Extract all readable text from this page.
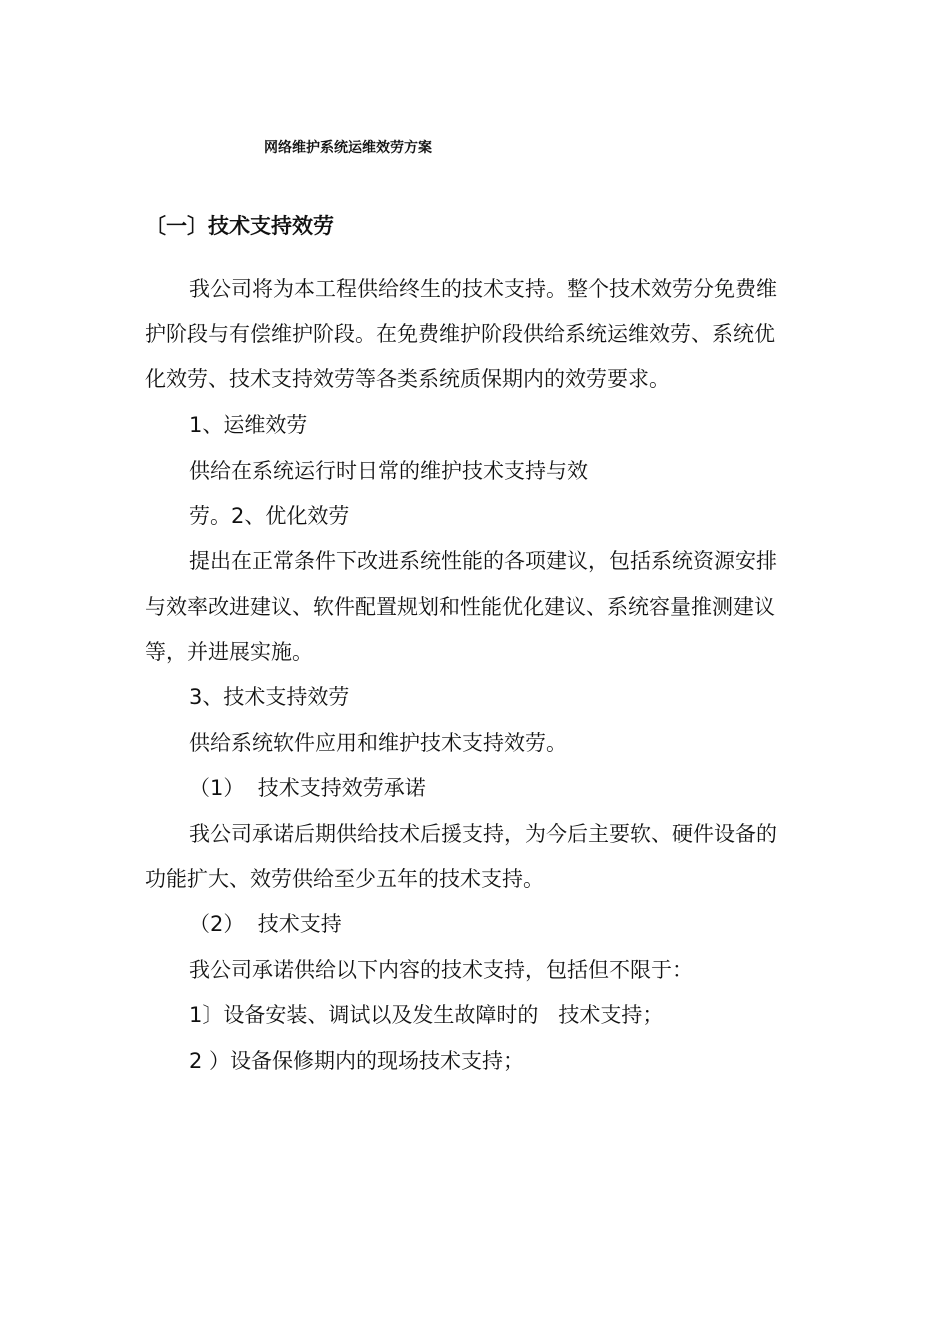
网络维护系统运维效劳方案
〔一〕技术支持效劳
我公司将为本工程供给终生的技术支持。整个技术效劳分免费维
护阶段与有偿维护阶段。在免费维护阶段供给系统运维效劳、系统优
化效劳、技术支持效劳等各类系统质保期内的效劳要求。
1、运维效劳
供给在系统运行时日常的维护技术支持与效
劳。2、优化效劳
提出在正常条件下改进系统性能的各项建议，包括系统资源安排
与效率改进建议、软件配置规划和性能优化建议、系统容量推测建议
等，并进展实施。
3、技术支持效劳
供给系统软件应用和维护技术支持效劳。
（1）  技术支持效劳承诺
我公司承诺后期供给技术后援支持，为今后主要软、硬件设备的
功能扩大、效劳供给至少五年的技术支持。
（2）  技术支持
我公司承诺供给以下内容的技术支持，包括但不限于：
1〕设备安装、调试以及发生故障时的   技术支持；
2 ）设备保修期内的现场技术支持；
